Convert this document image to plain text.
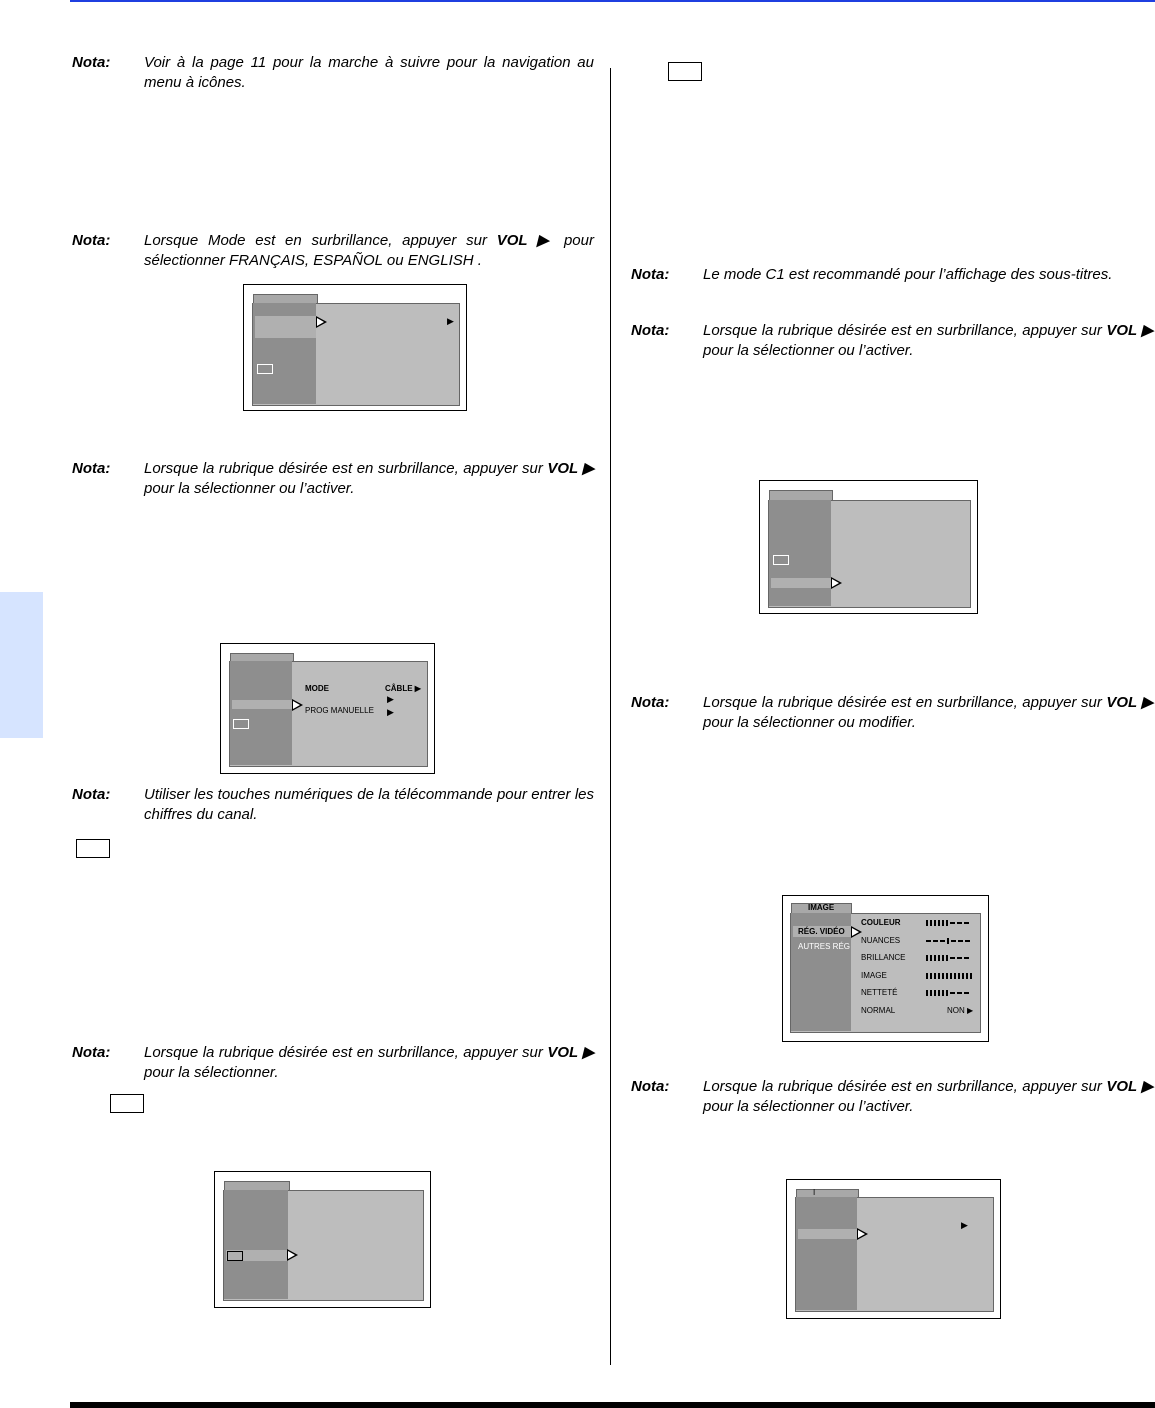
Nota: Voir à la page 11 pour la marche à suivre pour la navigation au menu à icônes.
Nota: Lorsque Mode est en surbrillance, appuyer sur VOL ▶ pour sélectionner FRANÇAIS, ESPAÑOL ou ENGLISH .
▶
Nota: Lorsque la rubrique désirée est en surbrillance, appuyer sur VOL ▶ pour la sélectionner ou l’activer.
MODE	CÂBLE ▶
▶
PROG MANUELLE ▶
Nota: Utiliser les touches numériques de la télécommande pour entrer les chiffres du canal.
Nota: Lorsque la rubrique désirée est en surbrillance, appuyer sur VOL ▶ pour la sélectionner.
Nota: Le mode C1 est recommandé pour l’affichage des sous-titres.
Nota: Lorsque la rubrique désirée est en surbrillance, appuyer sur VOL ▶ pour la sélectionner ou l’activer.
Nota: Lorsque la rubrique désirée est en surbrillance, appuyer sur VOL ▶ pour la sélectionner ou modifier.
IMAGE
RÉG. VIDÉO
AUTRES RÉG
COULEUR
NUANCES
BRILLANCE
IMAGE
NETTETÉ
NORMAL	NON ▶
Nota: Lorsque la rubrique désirée est en surbrillance, appuyer sur VOL ▶ pour la sélectionner ou l’activer.
I
▶
